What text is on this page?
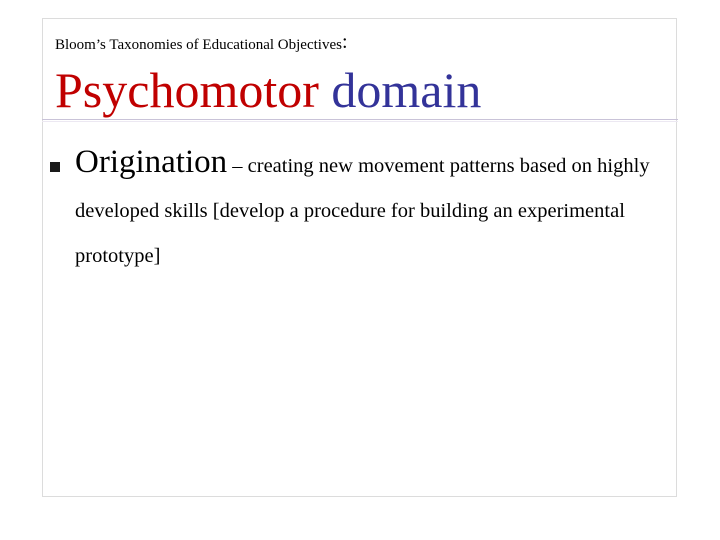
Bloom’s Taxonomies of Educational Objectives:
Psychomotor domain
Origination – creating new movement patterns based on highly developed skills [develop a procedure for building an experimental prototype]
